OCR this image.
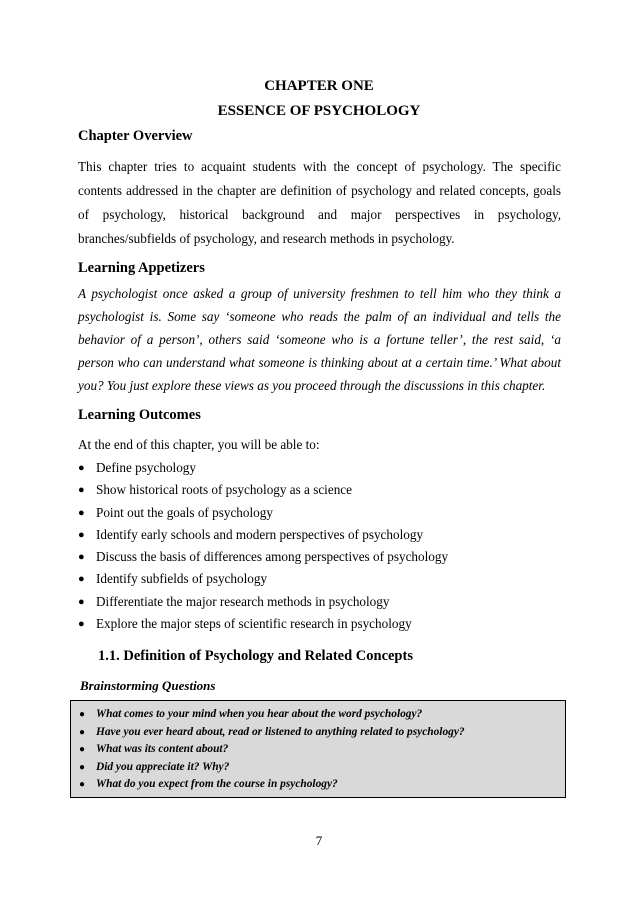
CHAPTER ONE
ESSENCE OF PSYCHOLOGY
Chapter Overview

This chapter tries to acquaint students with the concept of psychology. The specific contents addressed in the chapter are definition of psychology and related concepts, goals of psychology, historical background and major perspectives in psychology, branches/subfields of psychology, and research methods in psychology.

Learning Appetizers

A psychologist once asked a group of university freshmen to tell him who they think a psychologist is. Some say ‘someone who reads the palm of an individual and tells the behavior of a person’, others said ‘someone who is a fortune teller’, the rest said, ‘a person who can understand what someone is thinking about at a certain time.’ What about you? You just explore these views as you proceed through the discussions in this chapter.

Learning Outcomes
At the end of this chapter, you will be able to:
● Define psychology
● Show historical roots of psychology as a science
● Point out the goals of psychology
● Identify early schools and modern perspectives of psychology
● Discuss the basis of differences among perspectives of psychology
● Identify subfields of psychology
● Differentiate the major research methods in psychology
● Explore the major steps of scientific research in psychology
1.1. Definition of Psychology and Related Concepts
Brainstorming Questions
● What comes to your mind when you hear about the word psychology?
● Have you ever heard about, read or listened to anything related to psychology?
● What was its content about?
● Did you appreciate it? Why?
● What do you expect from the course in psychology?
7
